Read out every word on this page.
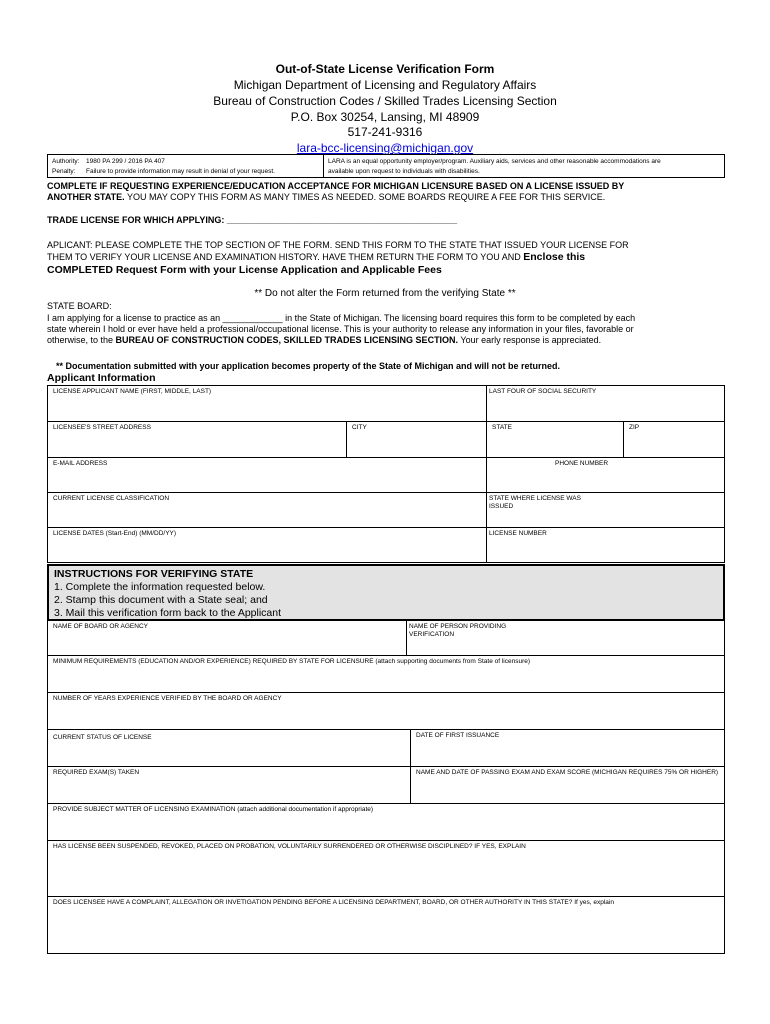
Out-of-State License Verification Form
Michigan Department of Licensing and Regulatory Affairs
Bureau of Construction Codes / Skilled Trades Licensing Section
P.O. Box 30254, Lansing, MI 48909
517-241-9316
lara-bcc-licensing@michigan.gov
Authority: 1980 PA 299 / 2016 PA 407
Penalty: Failure to provide information may result in denial of your request.
LARA is an equal opportunity employer/program. Auxiliary aids, services and other reasonable accommodations are
available upon request to individuals with disabilities.
COMPLETE IF REQUESTING EXPERIENCE/EDUCATION ACCEPTANCE FOR MICHIGAN LICENSURE BASED ON A LICENSE ISSUED BY
ANOTHER STATE. YOU MAY COPY THIS FORM AS MANY TIMES AS NEEDED. SOME BOARDS REQUIRE A FEE FOR THIS SERVICE.
TRADE LICENSE FOR WHICH APPLYING: ______________________________________________
APLICANT: PLEASE COMPLETE THE TOP SECTION OF THE FORM. SEND THIS FORM TO THE STATE THAT ISSUED YOUR LICENSE FOR
THEM TO VERIFY YOUR LICENSE AND EXAMINATION HISTORY. HAVE THEM RETURN THE FORM TO YOU AND Enclose this
COMPLETED Request Form with your License Application and Applicable Fees
** Do not alter the Form returned from the verifying State **
STATE BOARD:
I am applying for a license to practice as an ____________ in the State of Michigan. The licensing board requires this form to be completed by each
state wherein I hold or ever have held a professional/occupational license. This is your authority to release any information in your files, favorable or
otherwise, to the BUREAU OF CONSTRUCTION CODES, SKILLED TRADES LICENSING SECTION. Your early response is appreciated.
** Documentation submitted with your application becomes property of the State of Michigan and will not be returned.
Applicant Information
LICENSE APPLICANT NAME (FIRST, MIDDLE, LAST)	LAST FOUR OF SOCIAL SECURITY
LICENSEE'S STREET ADDRESS	CITY	STATE	ZIP
E-MAIL ADDRESS	PHONE NUMBER
CURRENT LICENSE CLASSIFICATION	STATE WHERE LICENSE WAS ISSUED
LICENSE DATES (Start-End) (MM/DD/YY)	LICENSE NUMBER
INSTRUCTIONS FOR VERIFYING STATE
1. Complete the information requested below.
2. Stamp this document with a State seal; and
3. Mail this verification form back to the Applicant
NAME OF BOARD OR AGENCY	NAME OF PERSON PROVIDING VERIFICATION
MINIMUM REQUIREMENTS (EDUCATION AND/OR EXPERIENCE) REQUIRED BY STATE FOR LICENSURE (attach supporting documents from State of licensure)
NUMBER OF YEARS EXPERIENCE VERIFIED BY THE BOARD OR AGENCY
CURRENT STATUS OF LICENSE	DATE OF FIRST ISSUANCE
REQUIRED EXAM(S) TAKEN	NAME AND DATE OF PASSING EXAM AND EXAM SCORE (MICHIGAN REQUIRES 75% OR HIGHER)
PROVIDE SUBJECT MATTER OF LICENSING EXAMINATION (attach additional documentation if appropriate)
HAS LICENSE BEEN SUSPENDED, REVOKED, PLACED ON PROBATION, VOLUNTARILY SURRENDERED OR OTHERWISE DISCIPLINED? IF YES, EXPLAIN
DOES LICENSEE HAVE A COMPLAINT, ALLEGATION OR INVETIGATION PENDING BEFORE A LICENSING DEPARTMENT, BOARD, OR OTHER AUTHORITY IN THIS STATE? If yes, explain
